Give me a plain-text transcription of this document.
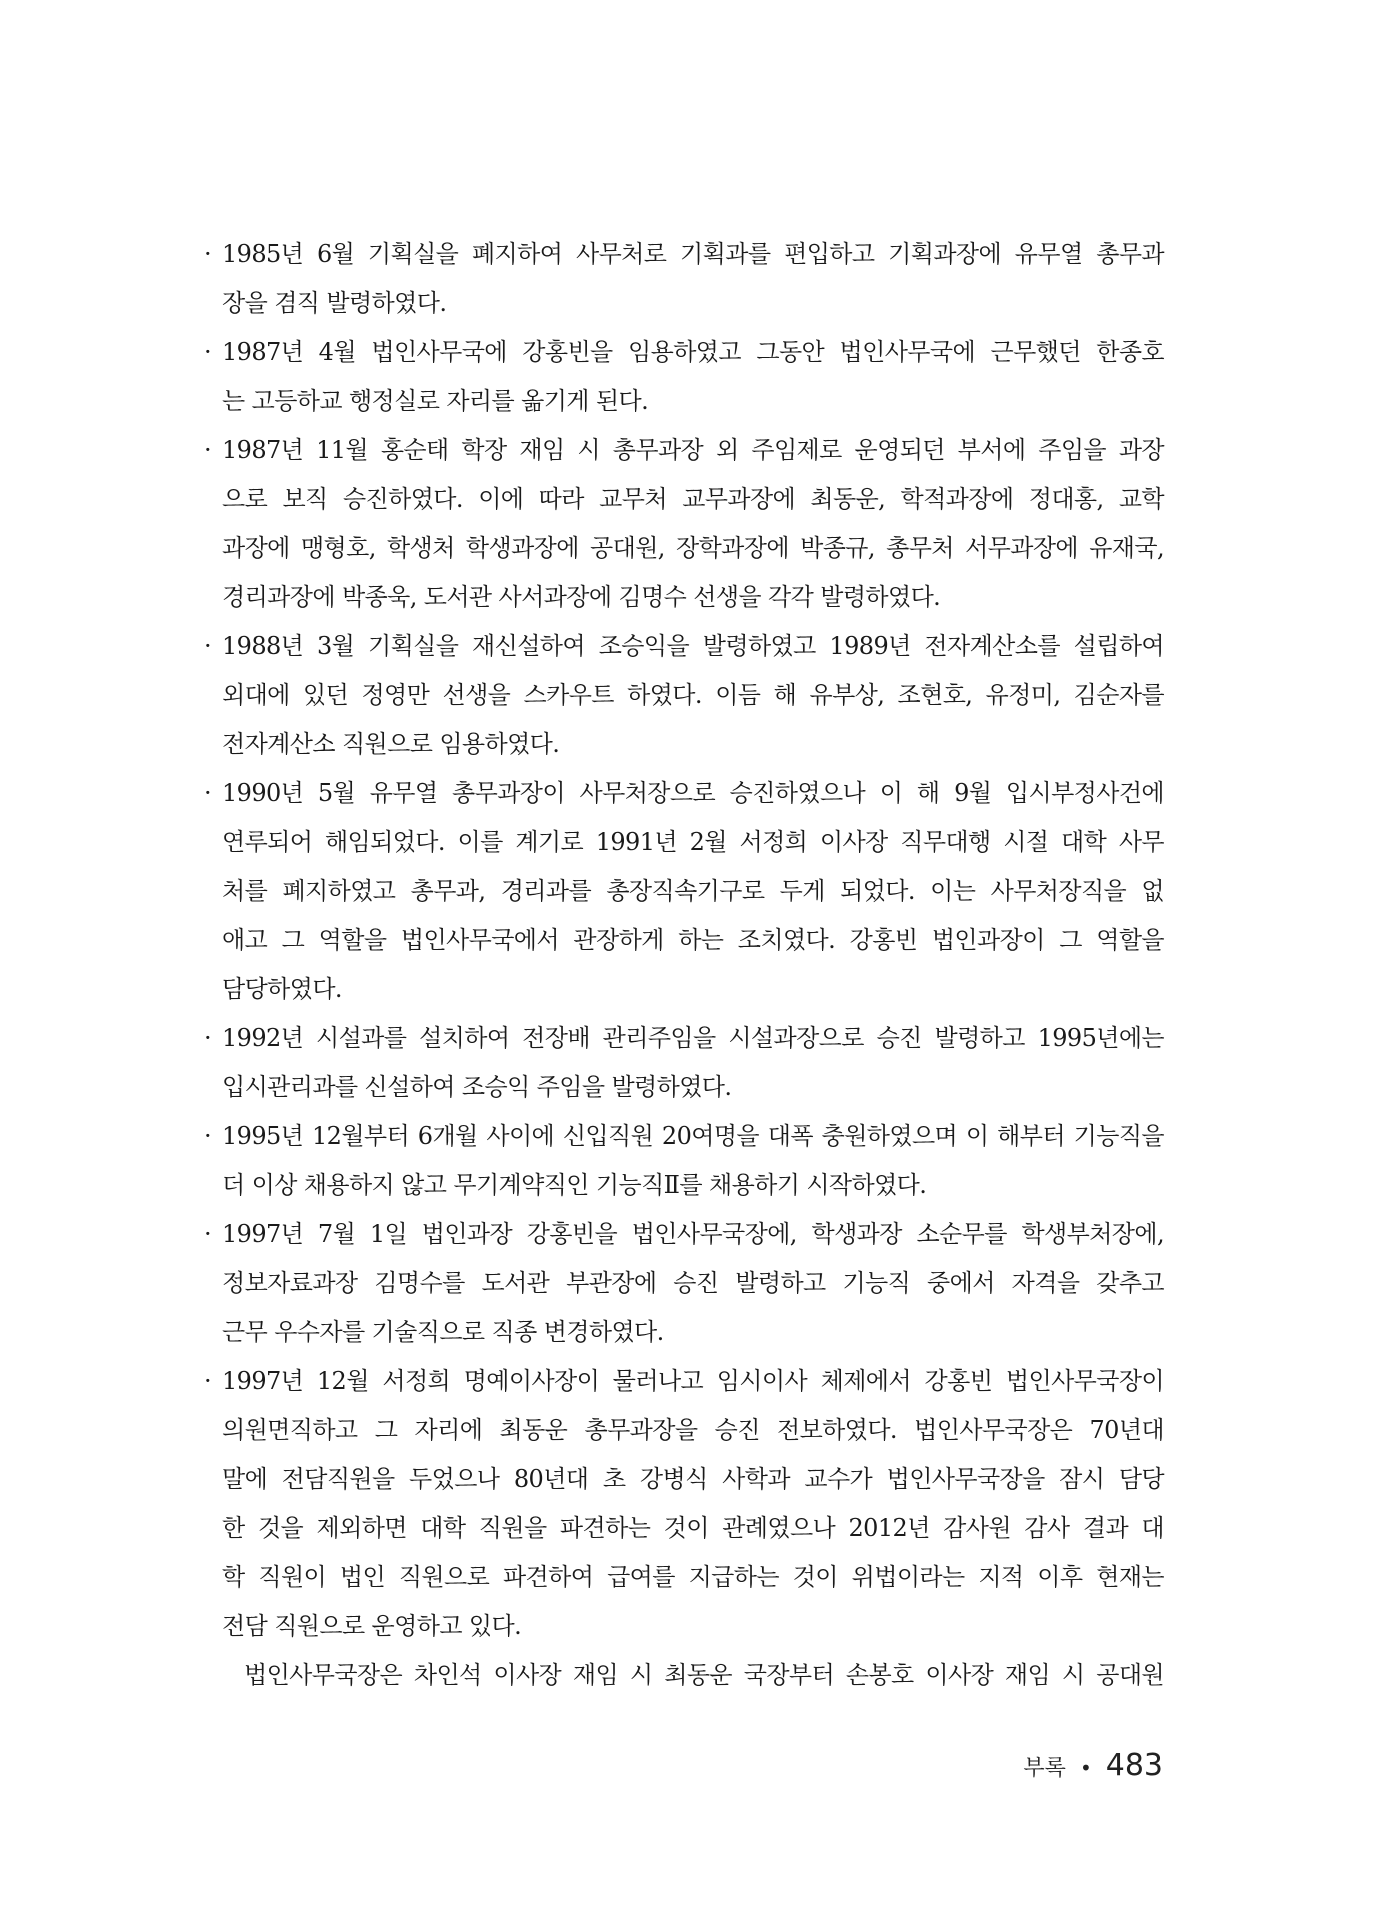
· 1985년 6월 기획실을 폐지하여 사무처로 기획과를 편입하고 기획과장에 유무열 총무과
장을 겸직 발령하였다.
· 1987년 4월 법인사무국에 강홍빈을 임용하였고 그동안 법인사무국에 근무했던 한종호
는 고등하교 행정실로 자리를 옮기게 된다.
· 1987년 11월 홍순태 학장 재임 시 총무과장 외 주임제로 운영되던 부서에 주임을 과장
으로 보직 승진하였다. 이에 따라 교무처 교무과장에 최동운, 학적과장에 정대홍, 교학
과장에 맹형호, 학생처 학생과장에 공대원, 장학과장에 박종규, 총무처 서무과장에 유재국,
경리과장에 박종욱, 도서관 사서과장에 김명수 선생을 각각 발령하였다.
· 1988년 3월 기획실을 재신설하여 조승익을 발령하였고 1989년 전자계산소를 설립하여
외대에 있던 정영만 선생을 스카우트 하였다. 이듬 해 유부상, 조현호, 유정미, 김순자를
전자계산소 직원으로 임용하였다.
· 1990년 5월 유무열 총무과장이 사무처장으로 승진하였으나 이 해 9월 입시부정사건에
연루되어 해임되었다. 이를 계기로 1991년 2월 서정희 이사장 직무대행 시절 대학 사무
처를 폐지하였고 총무과, 경리과를 총장직속기구로 두게 되었다. 이는 사무처장직을 없
애고 그 역할을 법인사무국에서 관장하게 하는 조치였다. 강홍빈 법인과장이 그 역할을
담당하였다.
· 1992년 시설과를 설치하여 전장배 관리주임을 시설과장으로 승진 발령하고 1995년에는
입시관리과를 신설하여 조승익 주임을 발령하였다.
· 1995년 12월부터 6개월 사이에 신입직원 20여명을 대폭 충원하였으며 이 해부터 기능직을
더 이상 채용하지 않고 무기계약직인 기능직Ⅱ를 채용하기 시작하였다.
· 1997년 7월 1일 법인과장 강홍빈을 법인사무국장에, 학생과장 소순무를 학생부처장에,
정보자료과장 김명수를 도서관 부관장에 승진 발령하고 기능직 중에서 자격을 갖추고
근무 우수자를 기술직으로 직종 변경하였다.
· 1997년 12월 서정희 명예이사장이 물러나고 임시이사 체제에서 강홍빈 법인사무국장이
의원면직하고 그 자리에 최동운 총무과장을 승진 전보하였다. 법인사무국장은 70년대
말에 전담직원을 두었으나 80년대 초 강병식 사학과 교수가 법인사무국장을 잠시 담당
한 것을 제외하면 대학 직원을 파견하는 것이 관례였으나 2012년 감사원 감사 결과 대
학 직원이 법인 직원으로 파견하여 급여를 지급하는 것이 위법이라는 지적 이후 현재는
전담 직원으로 운영하고 있다.
법인사무국장은 차인석 이사장 재임 시 최동운 국장부터 손봉호 이사장 재임 시 공대원
부록 • 483
